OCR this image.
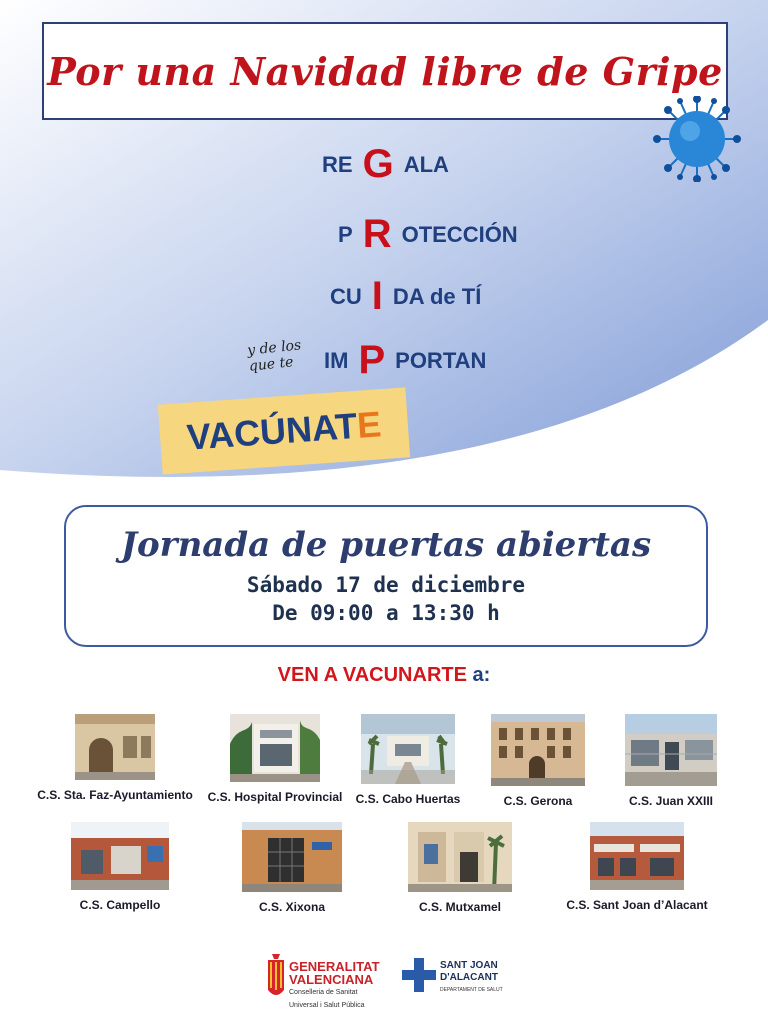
Por una Navidad libre de Gripe
RE G ALA
P R OTECCIÓN
CU I DA de TÍ
IM P PORTAN
y de los
que te
VACÚNAT
E
Jornada de puertas abiertas
Sábado 17 de diciembre
De 09:00 a 13:30 h
VEN A VACUNARTE a:
C.S. Sta. Faz-Ayuntamiento	C.S. Hospital Provincial	C.S. Cabo Huertas	C.S. Gerona	C.S. Juan XXIII
C.S. Campello	C.S. Xixona	C.S. Mutxamel	C.S. Sant Joan d’Alacant
GENERALITAT
VALENCIANA
Conselleria de Sanitat
Universal i Salut Pública
SANT JOAN
D'ALACANT
DEPARTAMENT DE SALUT
